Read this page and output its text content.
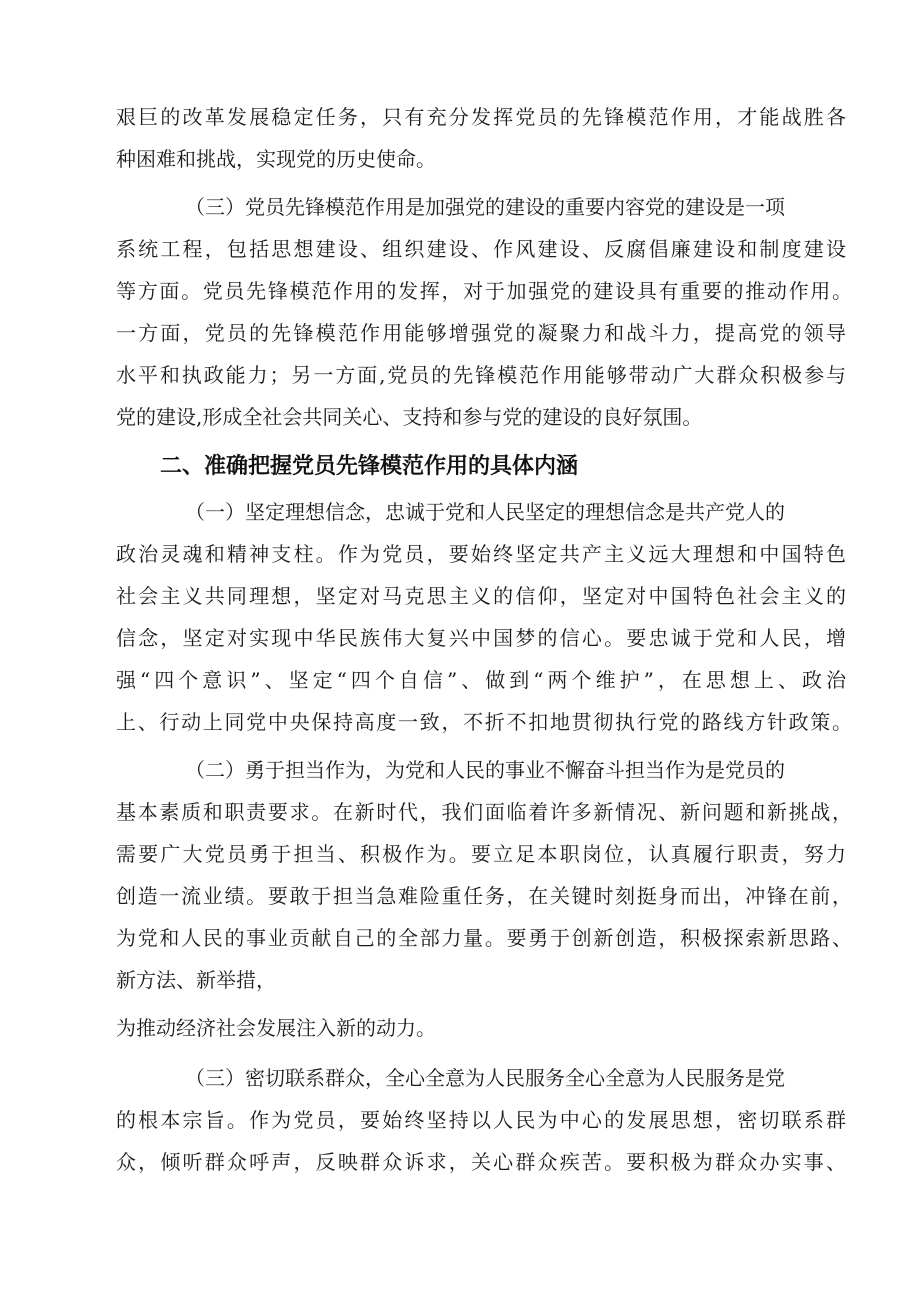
艰巨的改革发展稳定任务，只有充分发挥党员的先锋模范作用，才能战胜各
种困难和挑战，实现党的历史使命。
（三）党员先锋模范作用是加强党的建设的重要内容党的建设是一项
系统工程，包括思想建设、组织建设、作风建设、反腐倡廉建设和制度建设
等方面。党员先锋模范作用的发挥，对于加强党的建设具有重要的推动作用。
一方面，党员的先锋模范作用能够增强党的凝聚力和战斗力，提高党的领导
水平和执政能力；另一方面,党员的先锋模范作用能够带动广大群众积极参与
党的建设,形成全社会共同关心、支持和参与党的建设的良好氛围。
二、准确把握党员先锋模范作用的具体内涵
（一）坚定理想信念，忠诚于党和人民坚定的理想信念是共产党人的
政治灵魂和精神支柱。作为党员，要始终坚定共产主义远大理想和中国特色
社会主义共同理想，坚定对马克思主义的信仰，坚定对中国特色社会主义的
信念，坚定对实现中华民族伟大复兴中国梦的信心。要忠诚于党和人民，增
强“四个意识”、坚定“四个自信”、做到“两个维护”，在思想上、政治
上、行动上同党中央保持高度一致，不折不扣地贯彻执行党的路线方针政策。
（二）勇于担当作为，为党和人民的事业不懈奋斗担当作为是党员的
基本素质和职责要求。在新时代，我们面临着许多新情况、新问题和新挑战，
需要广大党员勇于担当、积极作为。要立足本职岗位，认真履行职责，努力
创造一流业绩。要敢于担当急难险重任务，在关键时刻挺身而出，冲锋在前，
为党和人民的事业贡献自己的全部力量。要勇于创新创造，积极探索新思路、
新方法、新举措，
为推动经济社会发展注入新的动力。
（三）密切联系群众，全心全意为人民服务全心全意为人民服务是党
的根本宗旨。作为党员，要始终坚持以人民为中心的发展思想，密切联系群
众，倾听群众呼声，反映群众诉求，关心群众疾苦。要积极为群众办实事、
